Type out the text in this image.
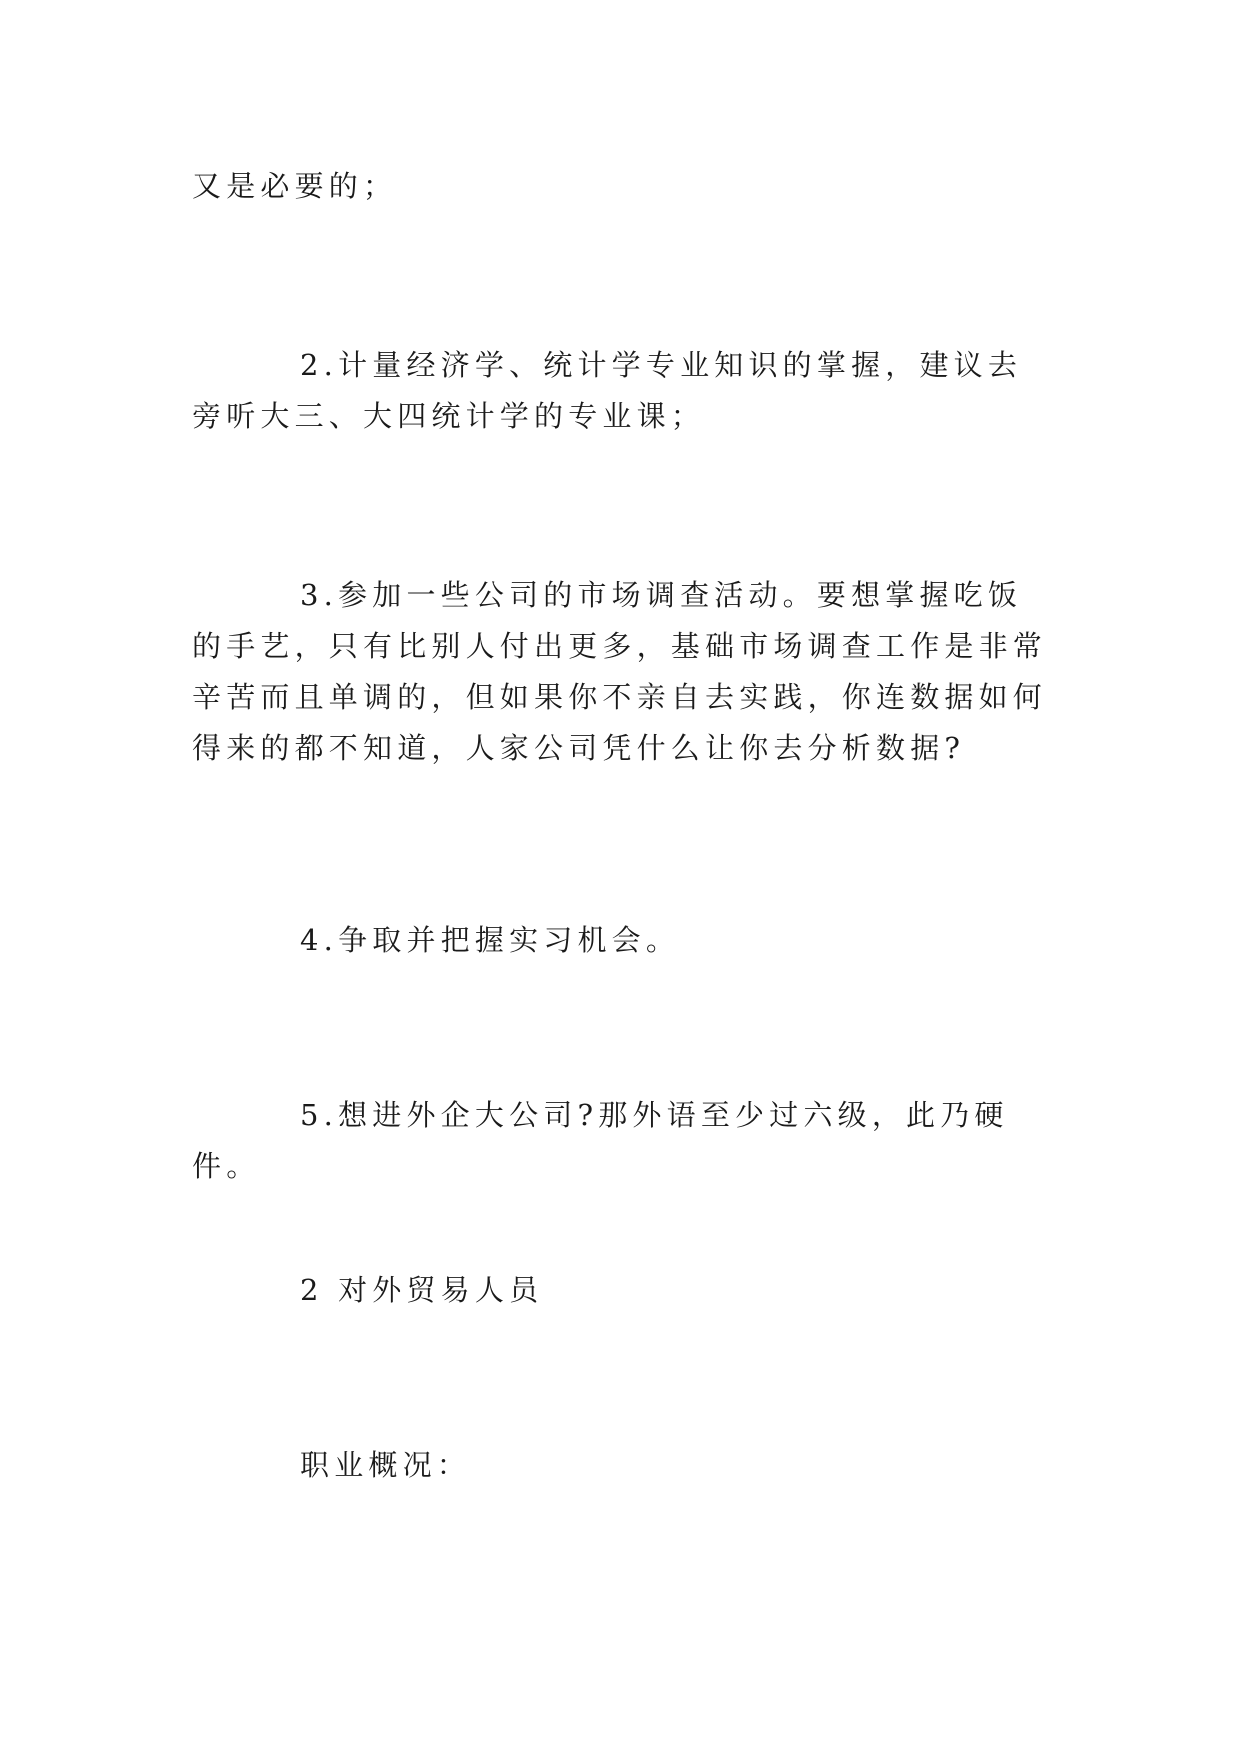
又是必要的；

2.计量经济学、统计学专业知识的掌握，建议去旁听大三、大四统计学的专业课；

3.参加一些公司的市场调查活动。要想掌握吃饭的手艺，只有比别人付出更多，基础市场调查工作是非常辛苦而且单调的，但如果你不亲自去实践，你连数据如何得来的都不知道，人家公司凭什么让你去分析数据?

4.争取并把握实习机会。

5.想进外企大公司?那外语至少过六级，此乃硬件。

2 对外贸易人员

职业概况：
